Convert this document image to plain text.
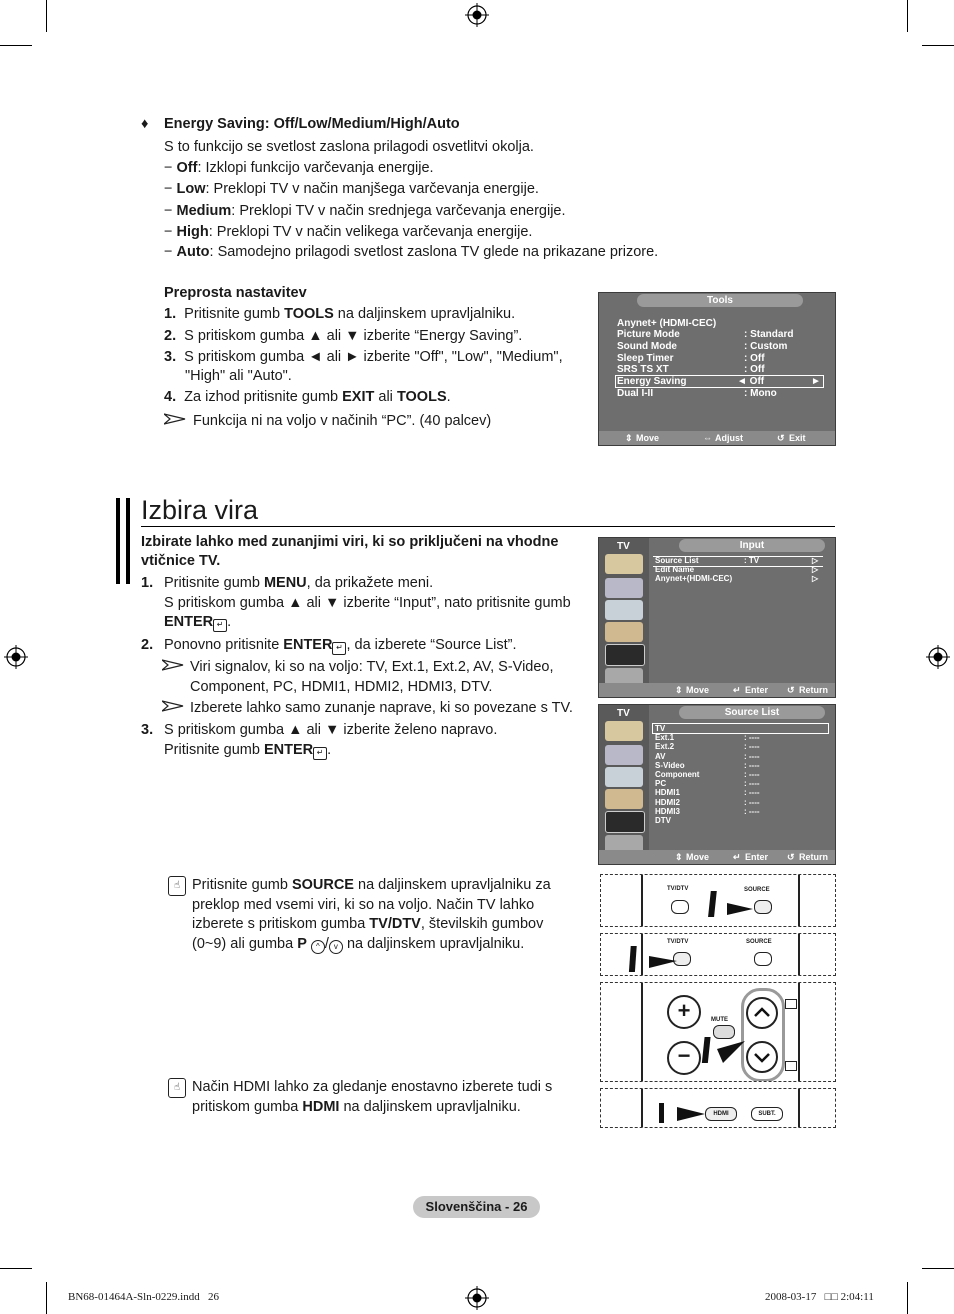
♦ Energy Saving: Off/Low/Medium/High/Auto
S to funkcijo se svetlost zaslona prilagodi osvetlitvi okolja.
− Off: Izklopi funkcijo varčevanja energije.
− Low: Preklopi TV v način manjšega varčevanja energije.
− Medium: Preklopi TV v način srednjega varčevanja energije.
− High: Preklopi TV v način velikega varčevanja energije.
− Auto: Samodejno prilagodi svetlost zaslona TV glede na prikazane prizore.
Preprosta nastavitev
1. Pritisnite gumb TOOLS na daljinskem upravljalniku.
2. S pritiskom gumba ▲ ali ▼ izberite “Energy Saving”.
3. S pritiskom gumba ◄ ali ► izberite "Off", "Low", "Medium",
"High" ali "Auto".
4. Za izhod pritisnite gumb EXIT ali TOOLS.
Funkcija ni na voljo v načinih “PC”. (40 palcev)
Tools
Anynet+ (HDMI-CEC)
Picture Mode	: Standard
Sound Mode	: Custom
Sleep Timer	: Off
SRS TS XT	: Off
Energy Saving	◄ Off	►
Dual I-II	: Mono
⇕ Move	⇔ Adjust	↺ Exit
Izbira vira
Izbirate lahko med zunanjimi viri, ki so priključeni na vhodne
vtičnice TV.
1. Pritisnite gumb MENU, da prikažete meni.
S pritiskom gumba ▲ ali ▼ izberite “Input”, nato pritisnite gumb
ENTER ↵ .
2. Ponovno pritisnite ENTER ↵ , da izberete “Source List”.
Viri signalov, ki so na voljo: TV, Ext.1, Ext.2, AV, S-Video,
Component, PC, HDMI1, HDMI2, HDMI3, DTV.
Izberete lahko samo zunanje naprave, ki so povezane s TV.
3. S pritiskom gumba ▲ ali ▼ izberite želeno napravo.
Pritisnite gumb ENTER ↵ .
TV	Input
Source List	: TV	▷
Edit Name	▷
Anynet+(HDMI-CEC)	▷
⇕ Move	↵ Enter ↺ Return
TV	Source List
TV
Ext.1	: ----
Ext.2	: ----
AV	: ----
S-Video	: ----
Component	: ----
PC	: ----
HDMI1	: ----
HDMI2	: ----
HDMI3	: ----
DTV
⇕ Move	↵ Enter ↺ Return
☝ Pritisnite gumb SOURCE na daljinskem upravljalniku za
preklop med vsemi viri, ki so na voljo. Način TV lahko
izberete s pritiskom gumba TV/DTV, številskih gumbov
(0~9) ali gumba P ^ / v na daljinskem upravljalniku.
☝ Način HDMI lahko za gledanje enostavno izberete tudi s
pritiskom gumba HDMI na daljinskem upravljalniku.
TV/DTV	SOURCE
TV/DTV	SOURCE
+
−
MUTE
HDMI	SUBT.
Slovenščina - 26
BN68-01464A-Sln-0229.indd   26	2008-03-17   □□ 2:04:11
